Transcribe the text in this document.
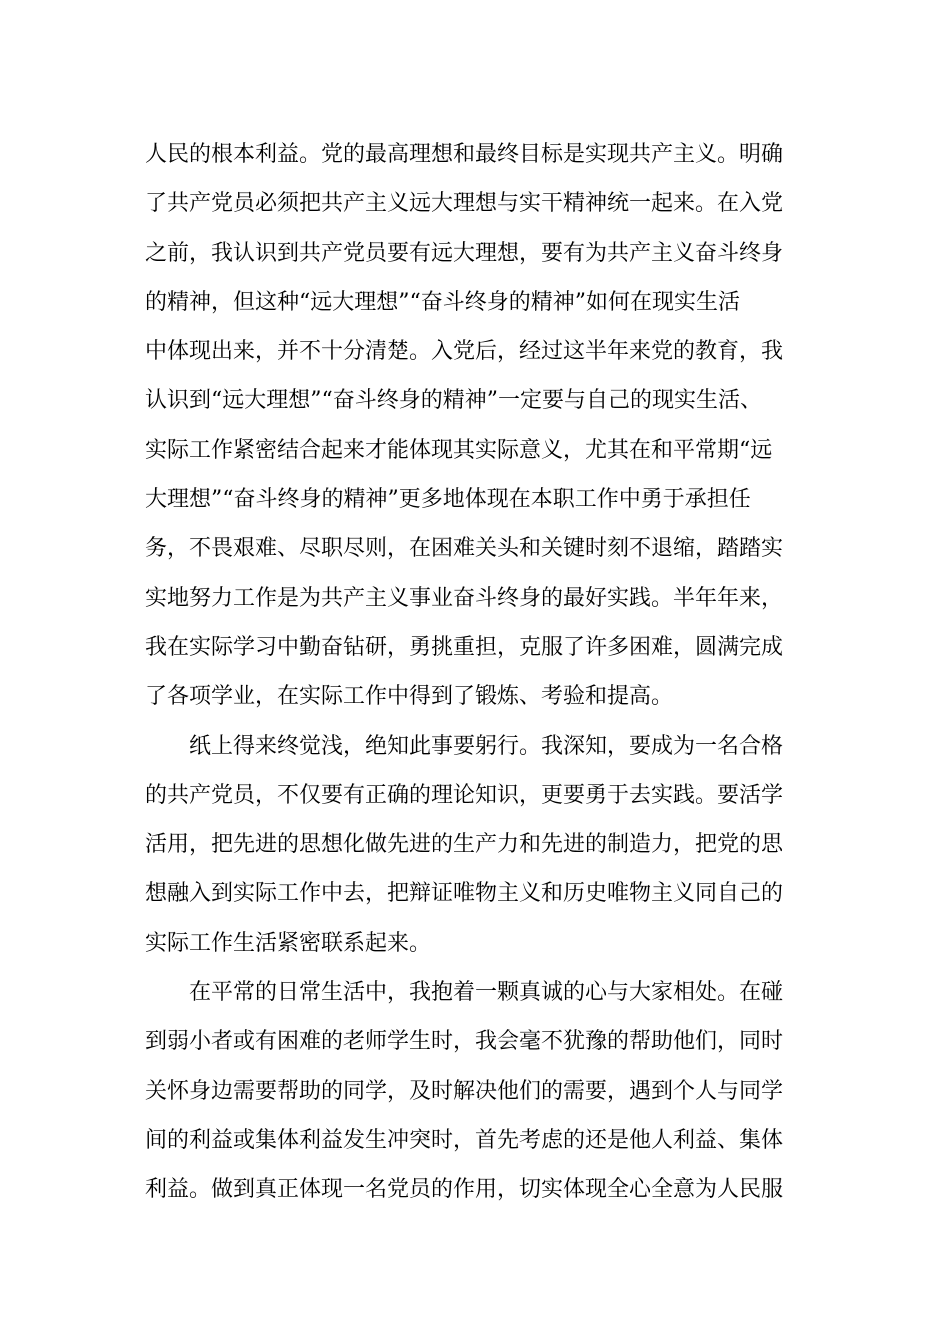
人民的根本利益。党的最高理想和最终目标是实现共产主义。明确
了共产党员必须把共产主义远大理想与实干精神统一起来。在入党
之前，我认识到共产党员要有远大理想，要有为共产主义奋斗终身
的精神，但这种“远大理想”“奋斗终身的精神”如何在现实生活
中体现出来，并不十分清楚。入党后，经过这半年来党的教育，我
认识到“远大理想”“奋斗终身的精神”一定要与自己的现实生活、
实际工作紧密结合起来才能体现其实际意义，尤其在和平常期“远
大理想”“奋斗终身的精神”更多地体现在本职工作中勇于承担任
务，不畏艰难、尽职尽则，在困难关头和关键时刻不退缩，踏踏实
实地努力工作是为共产主义事业奋斗终身的最好实践。半年年来，
我在实际学习中勤奋钻研，勇挑重担，克服了许多困难，圆满完成
了各项学业，在实际工作中得到了锻炼、考验和提高。
　　纸上得来终觉浅，绝知此事要躬行。我深知，要成为一名合格
的共产党员，不仅要有正确的理论知识，更要勇于去实践。要活学
活用，把先进的思想化做先进的生产力和先进的制造力，把党的思
想融入到实际工作中去，把辩证唯物主义和历史唯物主义同自己的
实际工作生活紧密联系起来。
　　在平常的日常生活中，我抱着一颗真诚的心与大家相处。在碰
到弱小者或有困难的老师学生时，我会毫不犹豫的帮助他们，同时
关怀身边需要帮助的同学，及时解决他们的需要，遇到个人与同学
间的利益或集体利益发生冲突时，首先考虑的还是他人利益、集体
利益。做到真正体现一名党员的作用，切实体现全心全意为人民服
